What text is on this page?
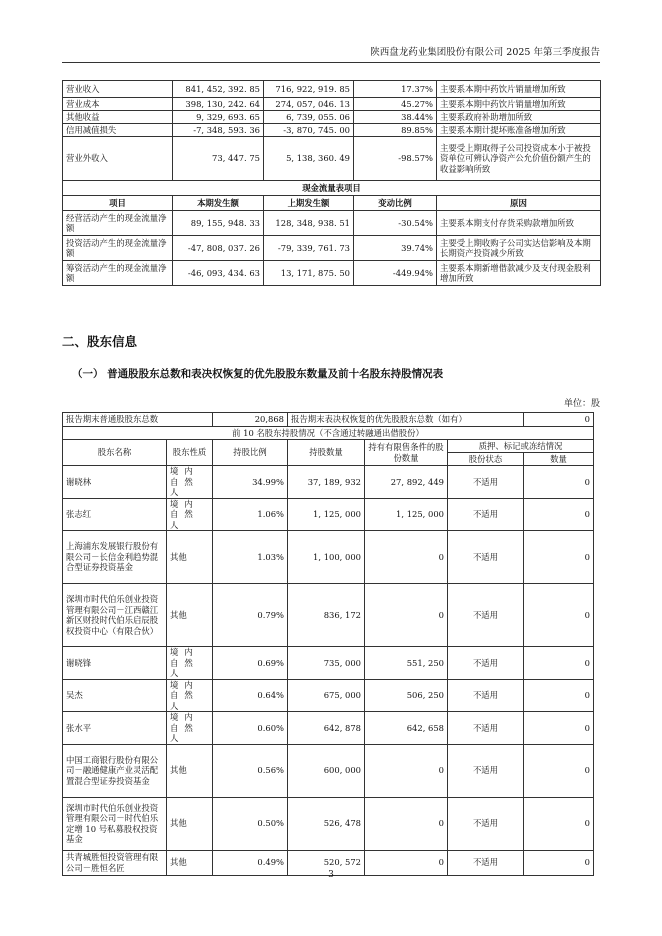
陕西盘龙药业集团股份有限公司 2025 年第三季度报告
营业收入	841, 452, 392. 85	716, 922, 919. 85	17.37%	主要系本期中药饮片销量增加所致
营业成本	398, 130, 242. 64	274, 057, 046. 13	45.27%	主要系本期中药饮片销量增加所致
其他收益	9, 329, 693. 65	6, 739, 055. 06	38.44%	主要系政府补助增加所致
信用减值损失	-7, 348, 593. 36	-3, 870, 745. 00	89.85%	主要系本期计提坏账准备增加所致
营业外收入	73, 447. 75	5, 138, 360. 49	-98.57%	主要受上期取得子公司投资成本小于被投资单位可辨认净资产公允价值份额产生的收益影响所致
现金流量表项目				
项目	本期发生额	上期发生额	变动比例	原因
经营活动产生的现金流量净额	89, 155, 948. 33	128, 348, 938. 51	-30.54%	主要系本期支付存货采购款增加所致
投资活动产生的现金流量净额	-47, 808, 037. 26	-79, 339, 761. 73	39.74%	主要受上期收购子公司实达信影响及本期长期资产投资减少所致
筹资活动产生的现金流量净额	-46, 093, 434. 63	13, 171, 875. 50	-449.94%	主要系本期新增借款减少及支付现金股利增加所致
二、股东信息
（一） 普通股股东总数和表决权恢复的优先股股东数量及前十名股东持股情况表
单位：股
报告期末普通股股东总数		20,868	报告期末表决权恢复的优先股股东总数（如有）			0
前 10 名股东持股情况（不含通过转融通出借股份）						
股东名称	股东性质	持股比例	持股数量	持有有限售条件的股份数量	质押、标记或冻结情况	
					股份状态	数量
谢晓林	境内自然人	34.99%	37, 189, 932	27, 892, 449	不适用	0
张志红	境内自然人	1.06%	1, 125, 000	1, 125, 000	不适用	0
上海浦东发展银行股份有限公司－长信金利趋势混合型证券投资基金	其他	1.03%	1, 100, 000	0	不适用	0
深圳市时代伯乐创业投资管理有限公司－江西赣江新区财投时代伯乐启辰股权投资中心（有限合伙）	其他	0.79%	836, 172	0	不适用	0
谢晓锋	境内自然人	0.69%	735, 000	551, 250	不适用	0
吴杰	境内自然人	0.64%	675, 000	506, 250	不适用	0
张水平	境内自然人	0.60%	642, 878	642, 658	不适用	0
中国工商银行股份有限公司－融通健康产业灵活配置混合型证券投资基金	其他	0.56%	600, 000	0	不适用	0
深圳市时代伯乐创业投资管理有限公司－时代伯乐定增 10 号私募股权投资基金	其他	0.50%	526, 478	0	不适用	0
共青城胜恒投资管理有限公司－胜恒名匠	其他	0.49%	520, 572	0	不适用	0
3
